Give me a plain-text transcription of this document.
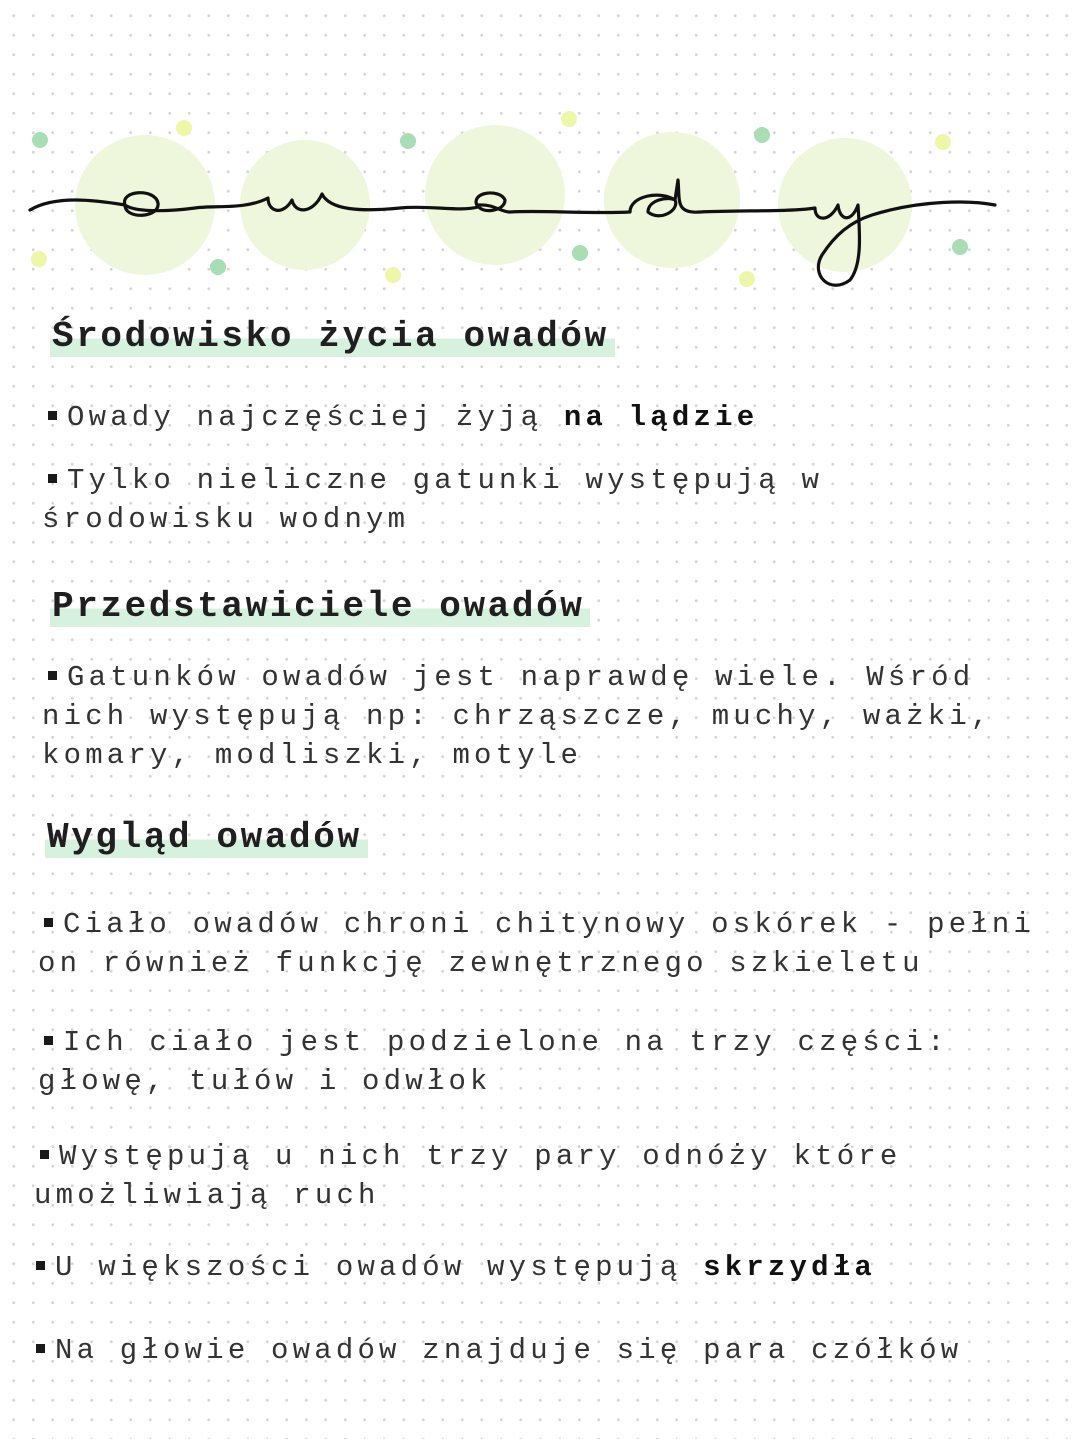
Środowisko życia owadów
Owady najczęściej żyją na lądzie
Tylko nieliczne gatunki występują w
środowisku wodnym
Przedstawiciele owadów
Gatunków owadów jest naprawdę wiele. Wśród
nich występują np: chrząszcze, muchy, ważki,
komary, modliszki, motyle
Wygląd owadów
Ciało owadów chroni chitynowy oskórek - pełni
on również funkcję zewnętrznego szkieletu
Ich ciało jest podzielone na trzy części:
głowę, tułów i odwłok
Występują u nich trzy pary odnóży które
umożliwiają ruch
U większości owadów występują skrzydła
Na głowie owadów znajduje się para czółków
